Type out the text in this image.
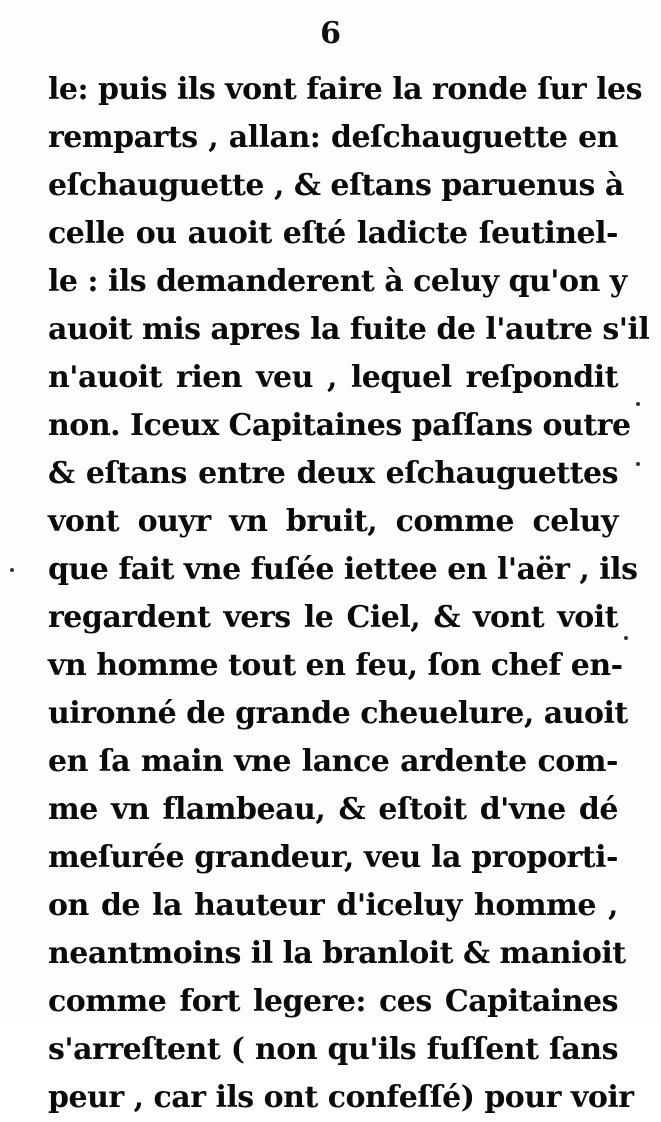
6
le: puis ils vont faire la ronde ſur les
remparts , allan: deſchauguette en
eſchauguette , & eſtans paruenus à
celle ou auoit eſté ladicte ſeutinel-
le : ils demanderent à celuy qu'on y
auoit mis apres la fuite de l'autre s'il
n'auoit rien veu , lequel reſpondit
non. Iceux Capitaines paſſans outre
& eſtans entre deux eſchauguettes
vont ouyr vn bruit, comme celuy
que fait vne fuſée iettee en l'aër , ils
regardent vers le Ciel, & vont voit
vn homme tout en feu, ſon chef en-
uironné de grande cheuelure, auoit
en ſa main vne lance ardente com-
me vn flambeau, & eſtoit d'vne dé
meſurée grandeur, veu la proporti-
on de la hauteur d'iceluy homme ,
neantmoins il la branloit & manioit
comme fort legere: ces Capitaines
s'arreſtent ( non qu'ils fuſſent ſans
peur , car ils ont confeſſé) pour voir
